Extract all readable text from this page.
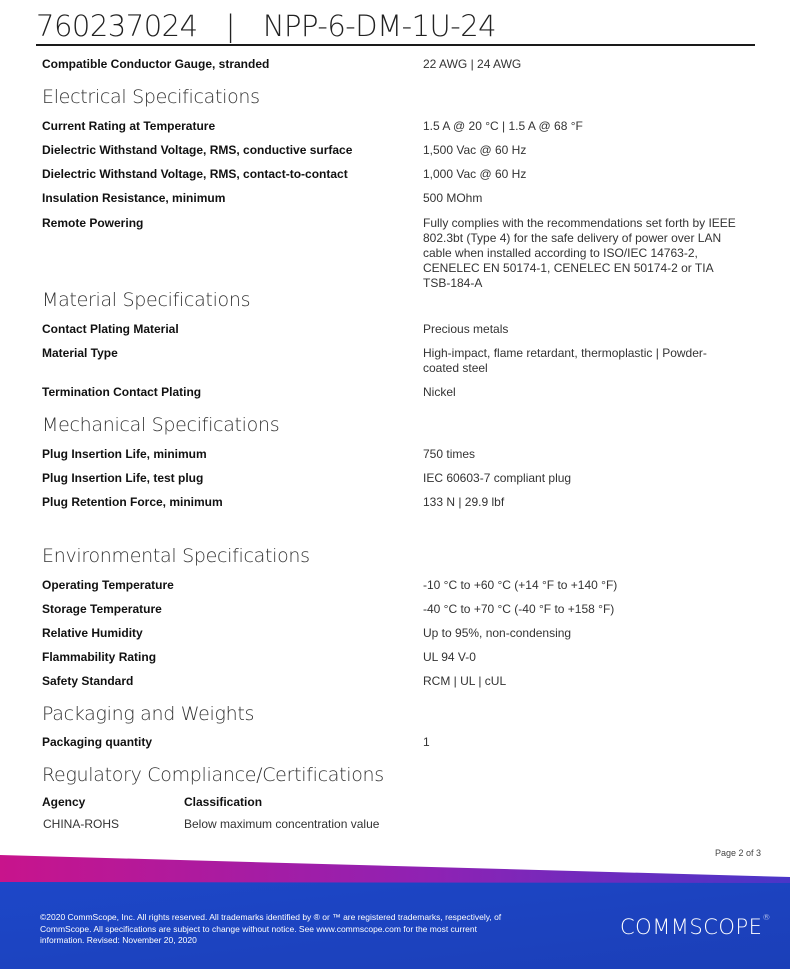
760237024 | NPP-6-DM-1U-24
Compatible Conductor Gauge, stranded	22 AWG | 24 AWG
Electrical Specifications
Current Rating at Temperature	1.5 A @ 20 °C | 1.5 A @ 68 °F
Dielectric Withstand Voltage, RMS, conductive surface	1,500 Vac @ 60 Hz
Dielectric Withstand Voltage, RMS, contact-to-contact	1,000 Vac @ 60 Hz
Insulation Resistance, minimum	500 MOhm
Remote Powering	Fully complies with the recommendations set forth by IEEE 802.3bt (Type 4) for the safe delivery of power over LAN cable when installed according to ISO/IEC 14763-2, CENELEC EN 50174-1, CENELEC EN 50174-2 or TIA TSB-184-A
Material Specifications
Contact Plating Material	Precious metals
Material Type	High-impact, flame retardant, thermoplastic | Powder-coated steel
Termination Contact Plating	Nickel
Mechanical Specifications
Plug Insertion Life, minimum	750 times
Plug Insertion Life, test plug	IEC 60603-7 compliant plug
Plug Retention Force, minimum	133 N | 29.9 lbf
Environmental Specifications
Operating Temperature	-10 °C to +60 °C (+14 °F to +140 °F)
Storage Temperature	-40 °C to +70 °C (-40 °F to +158 °F)
Relative Humidity	Up to 95%, non-condensing
Flammability Rating	UL 94 V-0
Safety Standard	RCM | UL | cUL
Packaging and Weights
Packaging quantity	1
Regulatory Compliance/Certifications
Agency	Classification
CHINA-ROHS	Below maximum concentration value
Page 2 of 3
©2020 CommScope, Inc. All rights reserved. All trademarks identified by ® or ™ are registered trademarks, respectively, of CommScope. All specifications are subject to change without notice. See www.commscope.com for the most current information. Revised: November 20, 2020
COMMSCOPE®
